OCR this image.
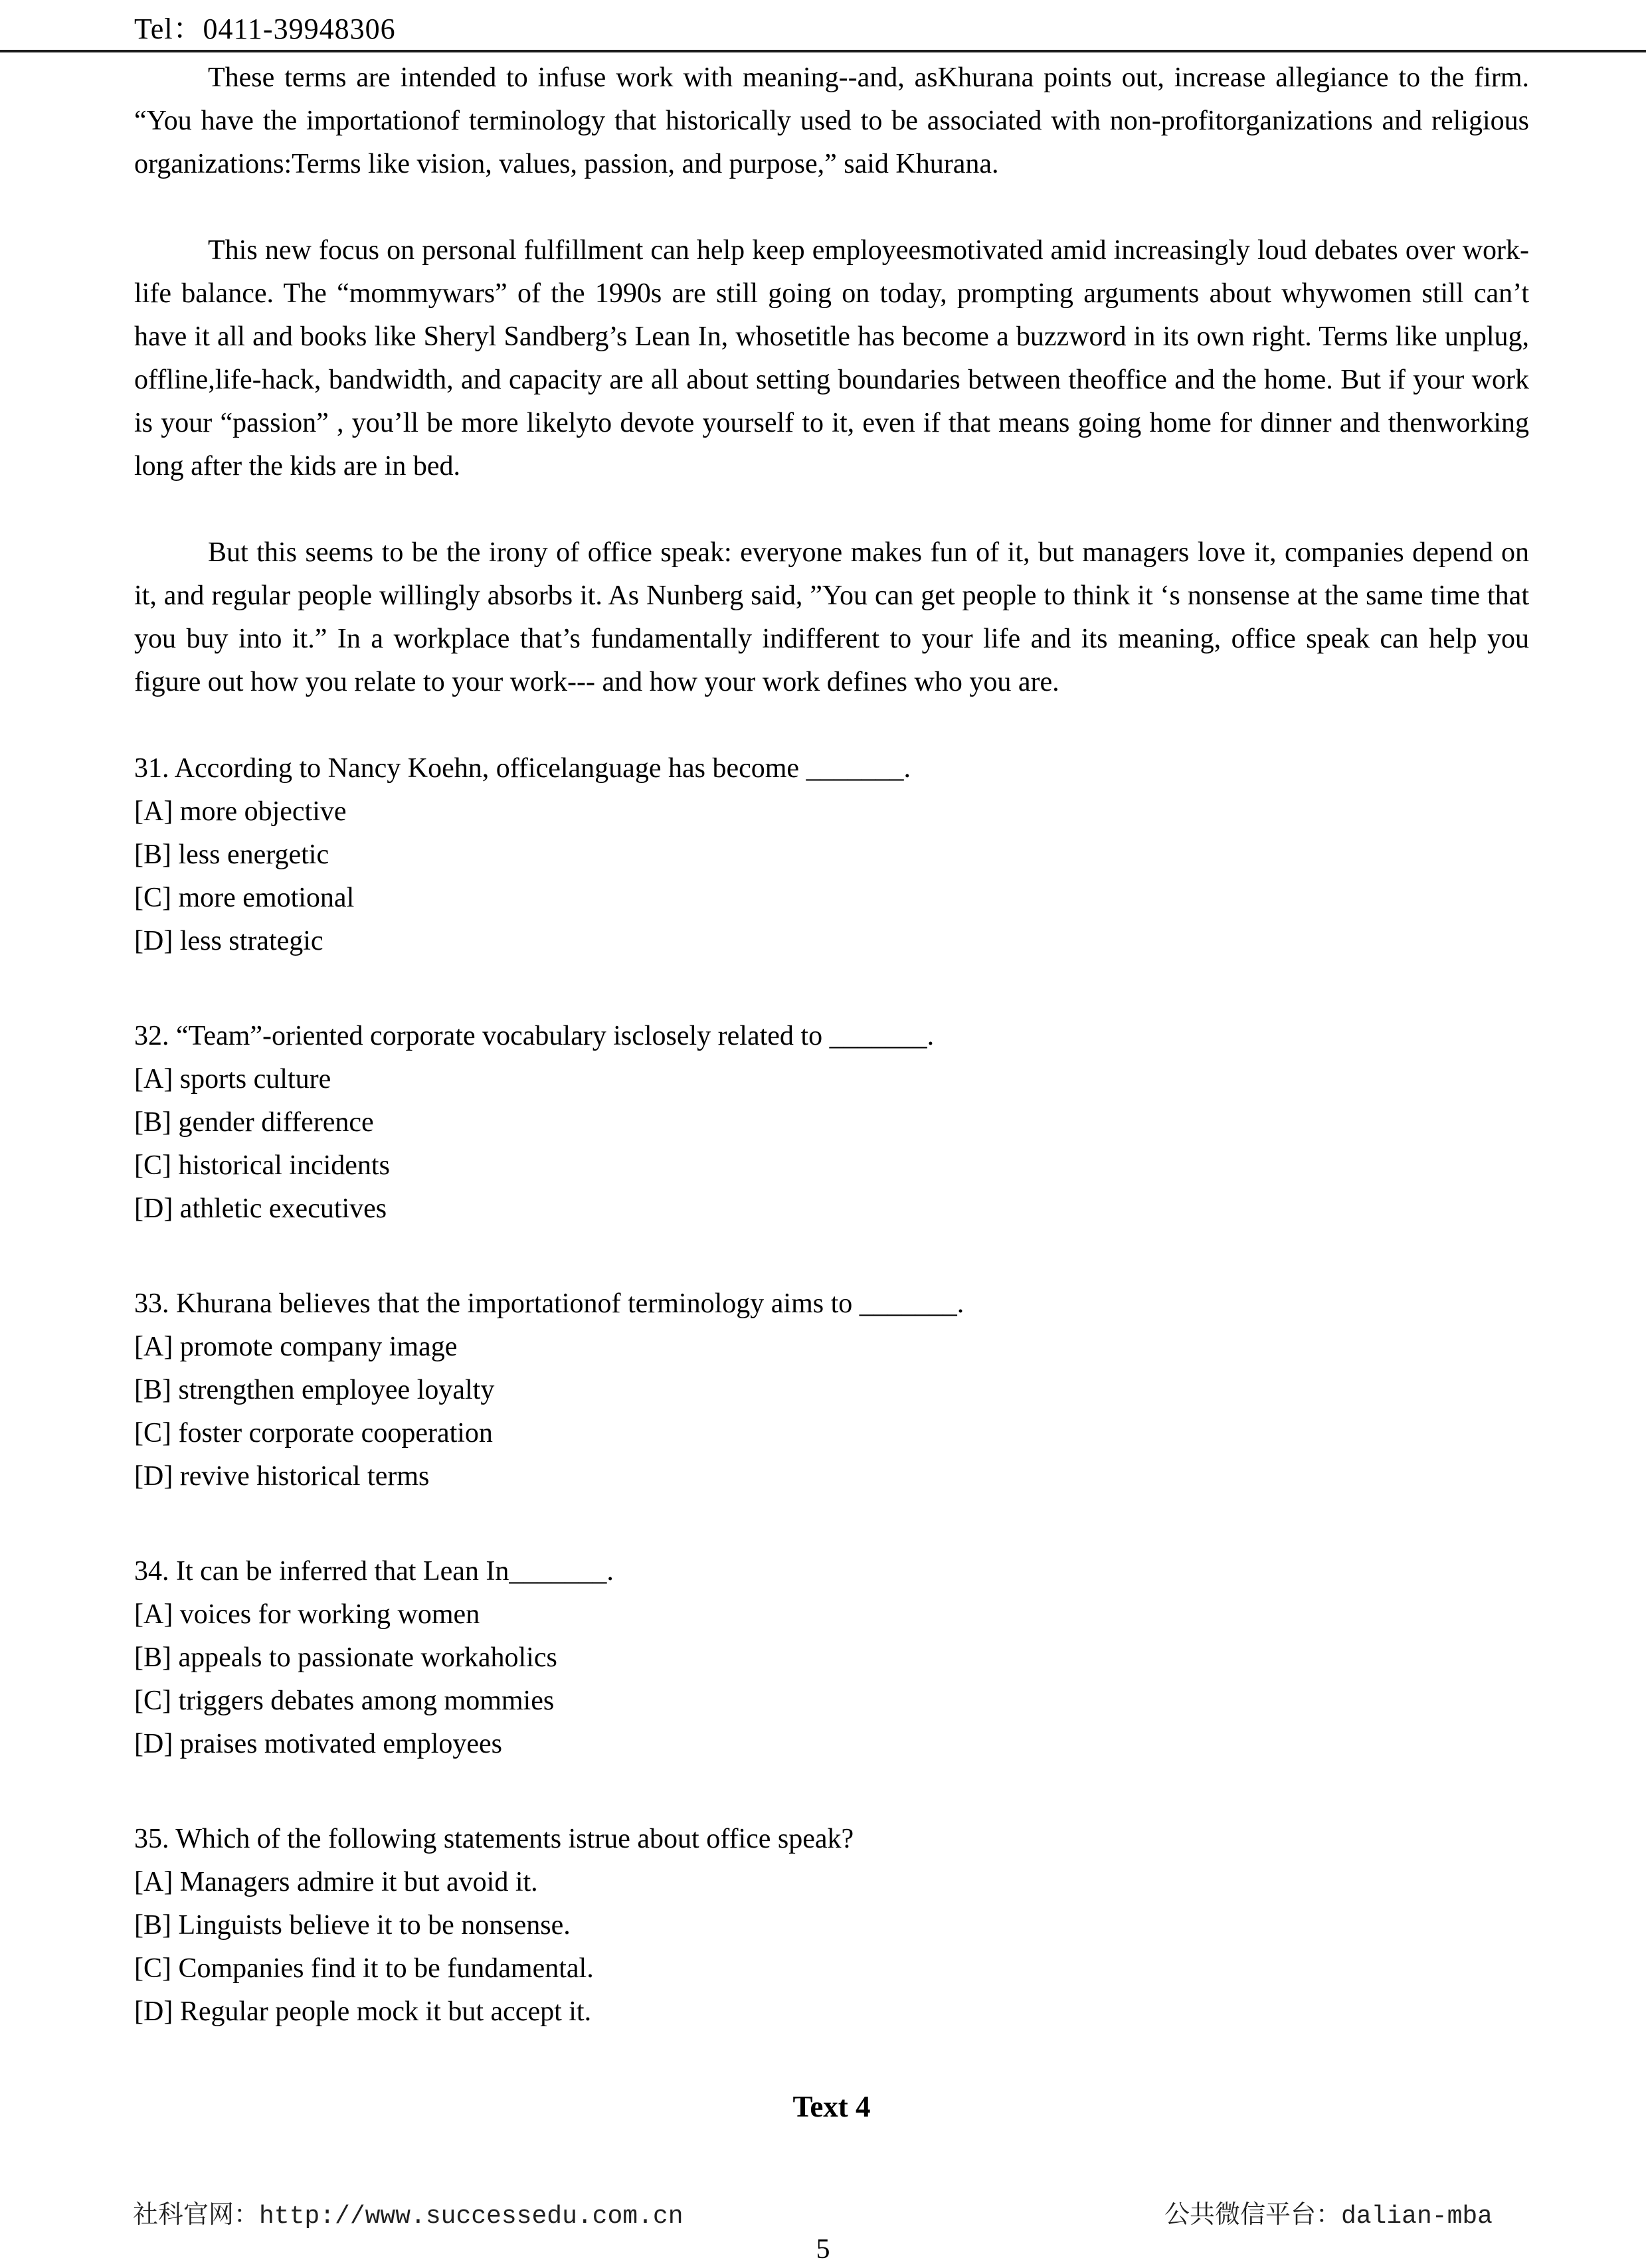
Tel：0411-39948306

These terms are intended to infuse work with meaning--and, asKhurana points out, increase allegiance to the firm. “You have the importationof terminology that historically used to be associated with non-profitorganizations and religious organizations:Terms like vision, values, passion, and purpose,” said Khurana.

This new focus on personal fulfillment can help keep employeesmotivated amid increasingly loud debates over work-life balance. The “mommywars” of the 1990s are still going on today, prompting arguments about whywomen still can’t have it all and books like Sheryl Sandberg’s Lean In, whosetitle has become a buzzword in its own right. Terms like unplug, offline,life-hack, bandwidth, and capacity are all about setting boundaries between theoffice and the home. But if your work is your “passion” , you’ll be more likelyto devote yourself to it, even if that means going home for dinner and thenworking long after the kids are in bed.

But this seems to be the irony of office speak: everyone makes fun of it, but managers love it, companies depend on it, and regular people willingly absorbs it. As Nunberg said, ”You can get people to think it ‘s nonsense at the same time that you buy into it.” In a workplace that’s fundamentally indifferent to your life and its meaning, office speak can help you figure out how you relate to your work--- and how your work defines who you are.

31. According to Nancy Koehn, officelanguage has become _______.
[A] more objective
[B] less energetic
[C] more emotional
[D] less strategic
32. “Team”-oriented corporate vocabulary isclosely related to _______.
[A] sports culture
[B] gender difference
[C] historical incidents
[D] athletic executives
33. Khurana believes that the importationof terminology aims to _______.
[A] promote company image
[B] strengthen employee loyalty
[C] foster corporate cooperation
[D] revive historical terms
34. It can be inferred that Lean In_______.
[A] voices for working women
[B] appeals to passionate workaholics
[C] triggers debates among mommies
[D] praises motivated employees
35. Which of the following statements istrue about office speak?
[A] Managers admire it but avoid it.
[B] Linguists believe it to be nonsense.
[C] Companies find it to be fundamental.
[D] Regular people mock it but accept it.
Text 4
社科官网：http://www.successedu.com.cn	公共微信平台：dalian-mba
5
